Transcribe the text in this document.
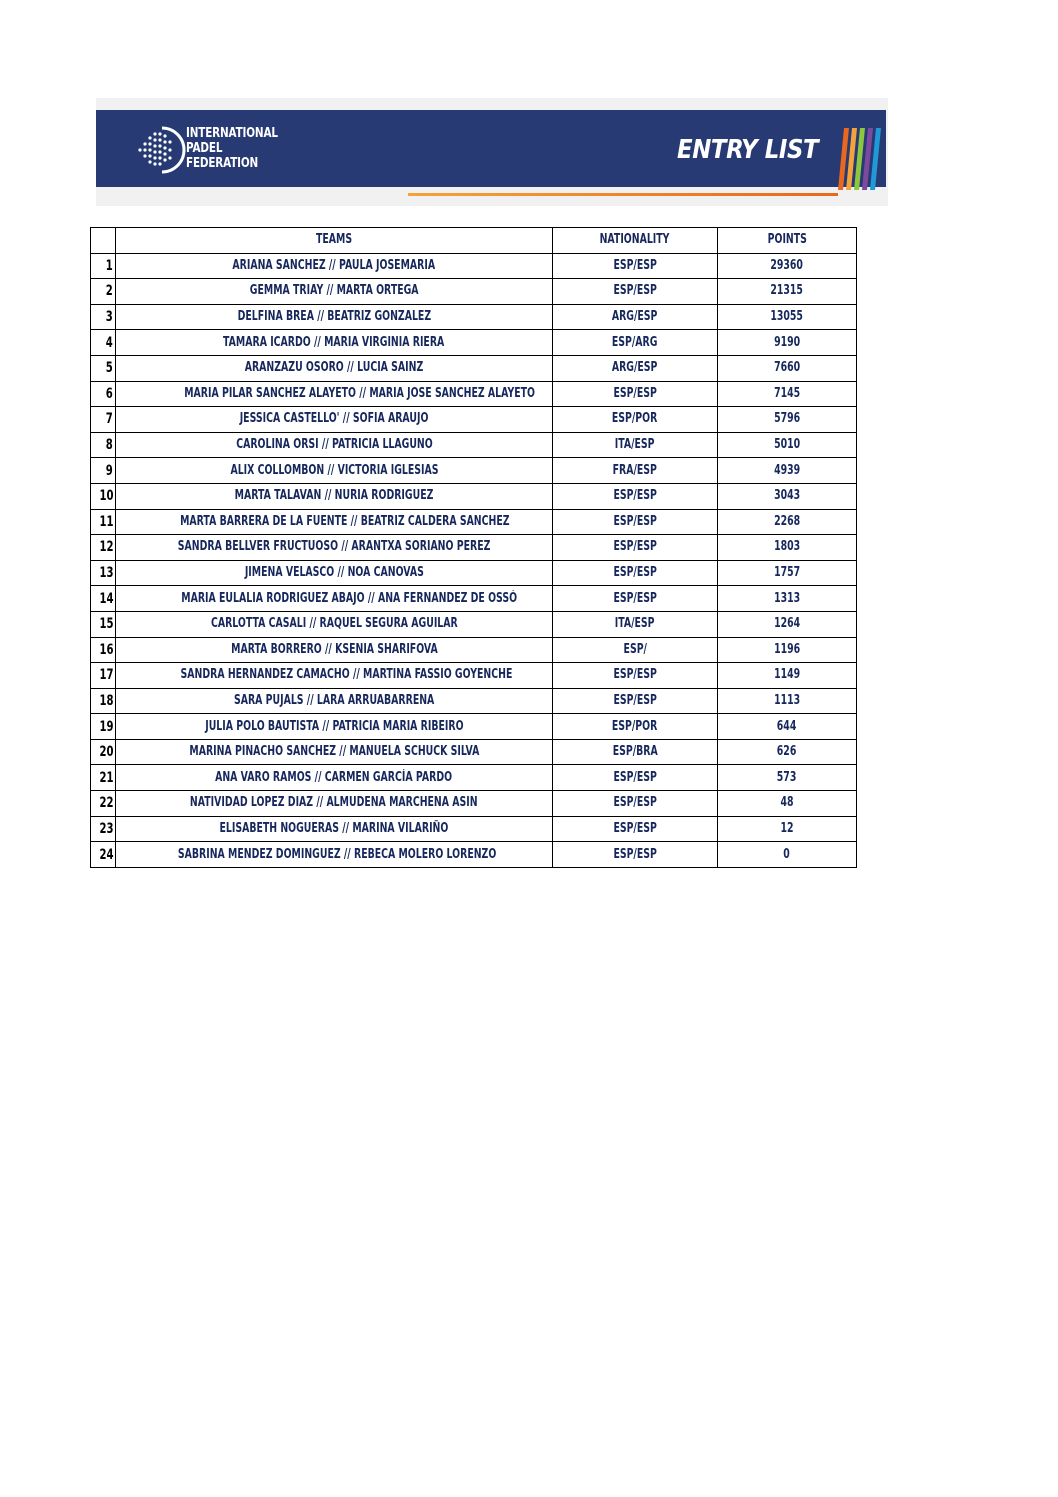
INTERNATIONAL
PADEL
FEDERATION	ENTRY LIST
	TEAMS	NATIONALITY	POINTS
1	ARIANA SANCHEZ // PAULA JOSEMARIA	ESP/ESP	29360
2	GEMMA TRIAY // MARTA ORTEGA	ESP/ESP	21315
3	DELFINA BREA // BEATRIZ GONZALEZ	ARG/ESP	13055
4	TAMARA ICARDO // MARIA VIRGINIA RIERA	ESP/ARG	9190
5	ARANZAZU OSORO // LUCIA SAINZ	ARG/ESP	7660
6	MARIA PILAR SANCHEZ ALAYETO // MARIA JOSE SANCHEZ ALAYETO	ESP/ESP	7145
7	JESSICA CASTELLO' // SOFIA ARAUJO	ESP/POR	5796
8	CAROLINA ORSI // PATRICIA LLAGUNO	ITA/ESP	5010
9	ALIX COLLOMBON // VICTORIA IGLESIAS	FRA/ESP	4939
10	MARTA TALAVAN // NURIA RODRIGUEZ	ESP/ESP	3043
11	MARTA BARRERA DE LA FUENTE // BEATRIZ CALDERA SANCHEZ	ESP/ESP	2268
12	SANDRA BELLVER FRUCTUOSO // ARANTXA SORIANO PEREZ	ESP/ESP	1803
13	JIMENA VELASCO // NOA CANOVAS	ESP/ESP	1757
14	MARIA EULALIA RODRIGUEZ ABAJO // ANA FERNANDEZ DE OSSÓ	ESP/ESP	1313
15	CARLOTTA CASALI // RAQUEL SEGURA AGUILAR	ITA/ESP	1264
16	MARTA BORRERO // KSENIA SHARIFOVA	ESP/	1196
17	SANDRA HERNANDEZ CAMACHO // MARTINA FASSIO GOYENCHE	ESP/ESP	1149
18	SARA PUJALS // LARA ARRUABARRENA	ESP/ESP	1113
19	JULIA POLO BAUTISTA // PATRICIA MARIA RIBEIRO	ESP/POR	644
20	MARINA PINACHO SANCHEZ // MANUELA SCHUCK SILVA	ESP/BRA	626
21	ANA VARO RAMOS // CARMEN GARCÍA PARDO	ESP/ESP	573
22	NATIVIDAD LOPEZ DIAZ // ALMUDENA MARCHENA ASIN	ESP/ESP	48
23	ELISABETH NOGUERAS // MARINA VILARIÑO	ESP/ESP	12
24	SABRINA MENDEZ DOMINGUEZ // REBECA MOLERO LORENZO	ESP/ESP	0
